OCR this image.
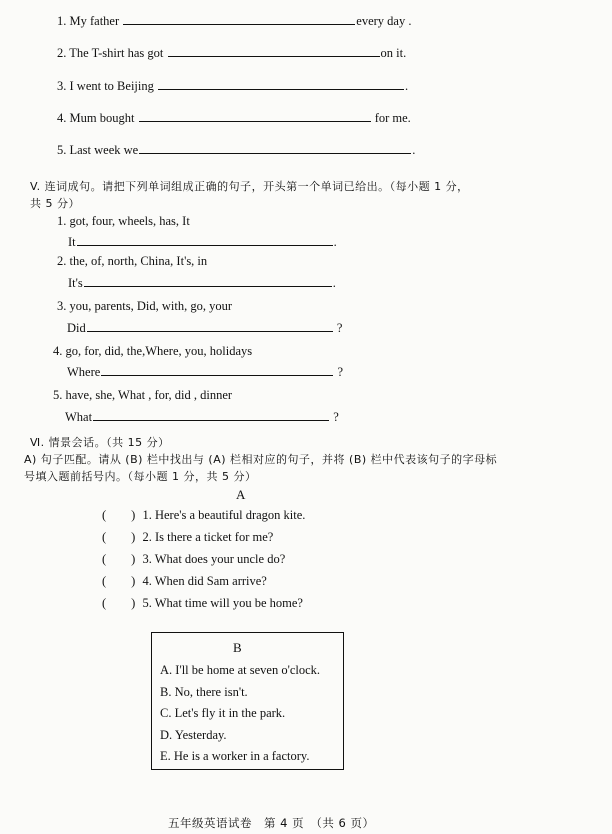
1. My father	every day .
2. The T-shirt has got	on it.
3. I went to Beijing	.
4. Mum bought	for me.
5. Last week we	.
V. 连词成句。请把下列单词组成正确的句子，开头第一个单词已给出。（每小题 1 分，
共 5 分）
1. got, four, wheels, has, It
It	.
2. the, of, north, China, It's, in
It's	.
3. you, parents, Did, with, go, your
Did	?
4. go, for, did, the,Where, you, holidays
Where	?
5. have, she, What , for, did , dinner
What	?
Ⅵ. 情景会话。（共 15 分）
A) 句子匹配。请从 (B) 栏中找出与 (A) 栏相对应的句子，并将 (B) 栏中代表该句子的字母标
号填入题前括号内。（每小题 1 分，共 5 分）
A
(        ) 1. Here's a beautiful dragon kite.
(        ) 2. Is there a ticket for me?
(        ) 3. What does your uncle do?
(        ) 4. When did Sam arrive?
(        ) 5. What time will you be home?
B
A. I'll be home at seven o'clock.
B. No, there isn't.
C. Let's fly it in the park.
D. Yesterday.
E. He is a worker in a factory.
五年级英语试卷　第 4 页　（共 6 页）
